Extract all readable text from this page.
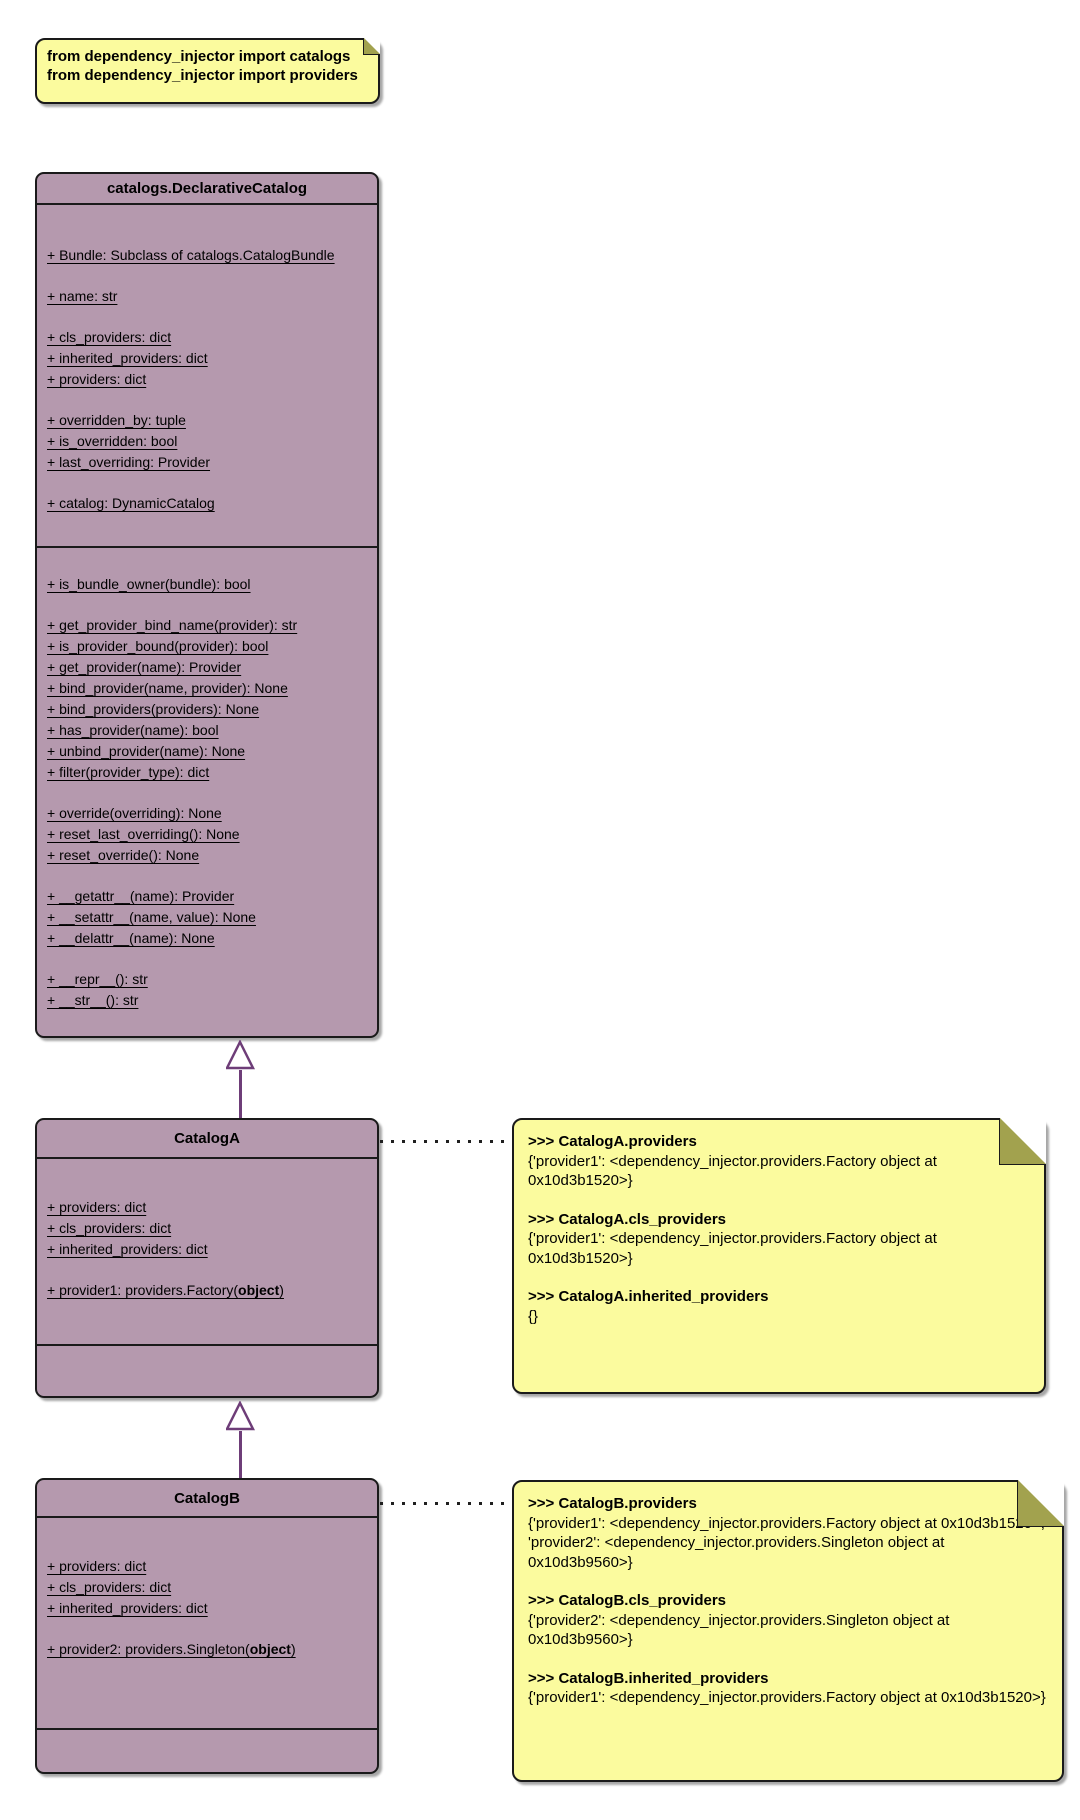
from dependency_injector import catalogs
from dependency_injector import providers
catalogs.DeclarativeCatalog
+ Bundle: Subclass of catalogs.CatalogBundle
+ name: str
+ cls_providers: dict
+ inherited_providers: dict
+ providers: dict
+ overridden_by: tuple
+ is_overridden: bool
+ last_overriding: Provider
+ catalog: DynamicCatalog
+ is_bundle_owner(bundle): bool
+ get_provider_bind_name(provider): str
+ is_provider_bound(provider): bool
+ get_provider(name): Provider
+ bind_provider(name, provider): None
+ bind_providers(providers): None
+ has_provider(name): bool
+ unbind_provider(name): None
+ filter(provider_type): dict
+ override(overriding): None
+ reset_last_overriding(): None
+ reset_override(): None
+ __getattr__(name): Provider
+ __setattr__(name, value): None
+ __delattr__(name): None
+ __repr__(): str
+ __str__(): str
CatalogA
+ providers: dict
+ cls_providers: dict
+ inherited_providers: dict
+ provider1: providers.Factory(object)
>>> CatalogA.providers
{'provider1': <dependency_injector.providers.Factory object at 0x10d3b1520>}
>>> CatalogA.cls_providers
{'provider1': <dependency_injector.providers.Factory object at 0x10d3b1520>}
>>> CatalogA.inherited_providers
{}
CatalogB
+ providers: dict
+ cls_providers: dict
+ inherited_providers: dict
+ provider2: providers.Singleton(object)
>>> CatalogB.providers
{'provider1': <dependency_injector.providers.Factory object at 0x10d3b1520>, 'provider2': <dependency_injector.providers.Singleton object at 0x10d3b9560>}
>>> CatalogB.cls_providers
{'provider2': <dependency_injector.providers.Singleton object at 0x10d3b9560>}
>>> CatalogB.inherited_providers
{'provider1': <dependency_injector.providers.Factory object at 0x10d3b1520>}
